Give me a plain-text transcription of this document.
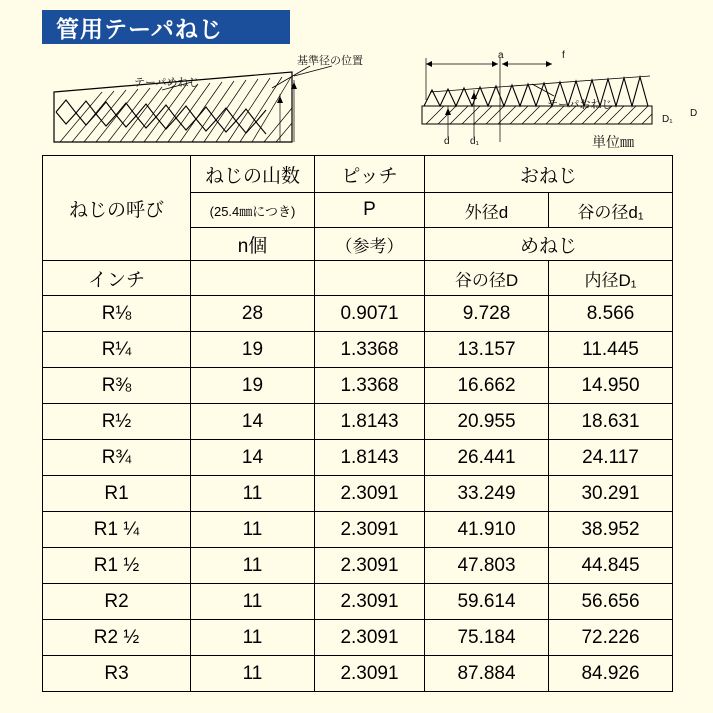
管用テーパねじ
基準径の位置
テーパめねじ
テーパおねじ
D₁
D
a	f
d d₁	単位㎜
ねじの呼び	ねじの山数	ピッチ	おねじ	
	(25.4㎜につき)	P	外径d	谷の径d₁
	n個	（参考）	めねじ	
インチ			谷の径D	内径D₁
R⅛	28	0.9071	9.728	8.566
R¼	19	1.3368	13.157	11.445
R⅜	19	1.3368	16.662	14.950
R½	14	1.8143	20.955	18.631
R¾	14	1.8143	26.441	24.117
R1	11	2.3091	33.249	30.291
R1 ¼	11	2.3091	41.910	38.952
R1 ½	11	2.3091	47.803	44.845
R2	11	2.3091	59.614	56.656
R2 ½	11	2.3091	75.184	72.226
R3	11	2.3091	87.884	84.926
